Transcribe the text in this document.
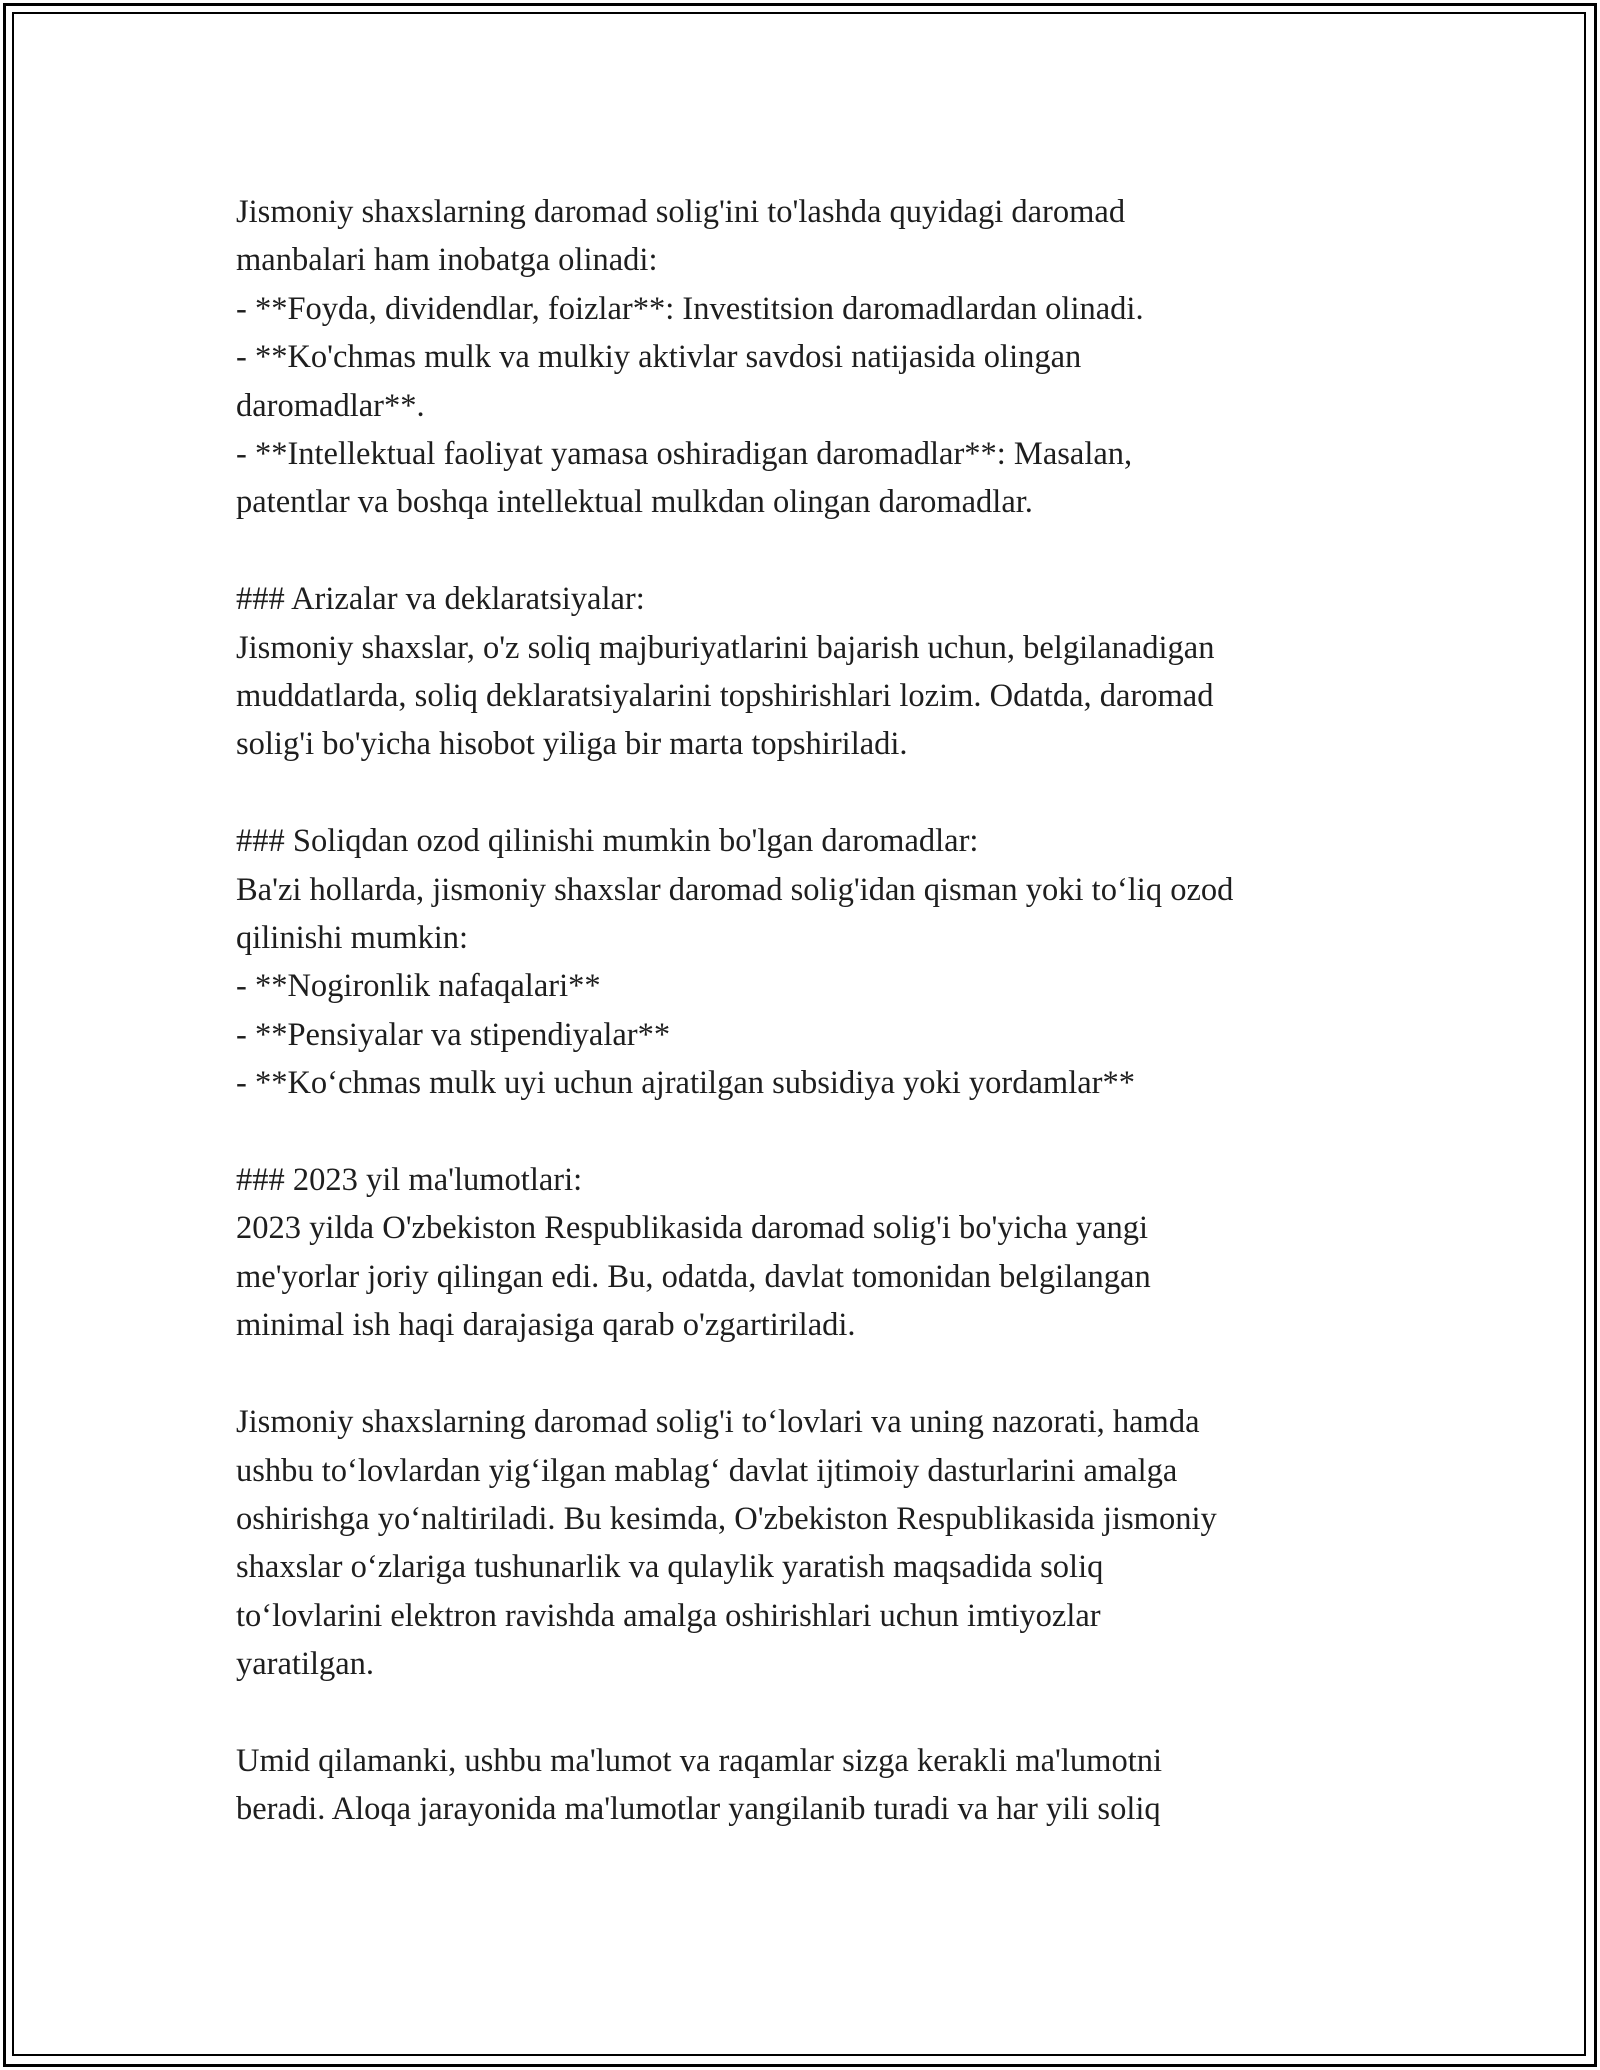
Jismoniy shaxslarning daromad solig'ini to'lashda quyidagi daromad

manbalari ham inobatga olinadi:

- **Foyda, dividendlar, foizlar**: Investitsion daromadlardan olinadi.

- **Ko'chmas mulk va mulkiy aktivlar savdosi natijasida olingan

daromadlar**.

- **Intellektual faoliyat yamasa oshiradigan daromadlar**: Masalan,

patentlar va boshqa intellektual mulkdan olingan daromadlar.

### Arizalar va deklaratsiyalar:

Jismoniy shaxslar, o'z soliq majburiyatlarini bajarish uchun, belgilanadigan

muddatlarda, soliq deklaratsiyalarini topshirishlari lozim. Odatda, daromad

solig'i bo'yicha hisobot yiliga bir marta topshiriladi.

### Soliqdan ozod qilinishi mumkin bo'lgan daromadlar:

Ba'zi hollarda, jismoniy shaxslar daromad solig'idan qisman yoki to‘liq ozod

qilinishi mumkin:

- **Nogironlik nafaqalari**

- **Pensiyalar va stipendiyalar**

- **Ko‘chmas mulk uyi uchun ajratilgan subsidiya yoki yordamlar**

### 2023 yil ma'lumotlari:

2023 yilda O'zbekiston Respublikasida daromad solig'i bo'yicha yangi

me'yorlar joriy qilingan edi. Bu, odatda, davlat tomonidan belgilangan

minimal ish haqi darajasiga qarab o'zgartiriladi.

Jismoniy shaxslarning daromad solig'i to‘lovlari va uning nazorati, hamda

ushbu to‘lovlardan yig‘ilgan mablag‘ davlat ijtimoiy dasturlarini amalga

oshirishga yo‘naltiriladi. Bu kesimda, O'zbekiston Respublikasida jismoniy

shaxslar o‘zlariga tushunarlik va qulaylik yaratish maqsadida soliq

to‘lovlarini elektron ravishda amalga oshirishlari uchun imtiyozlar

yaratilgan.

Umid qilamanki, ushbu ma'lumot va raqamlar sizga kerakli ma'lumotni

beradi. Aloqa jarayonida ma'lumotlar yangilanib turadi va har yili soliq
